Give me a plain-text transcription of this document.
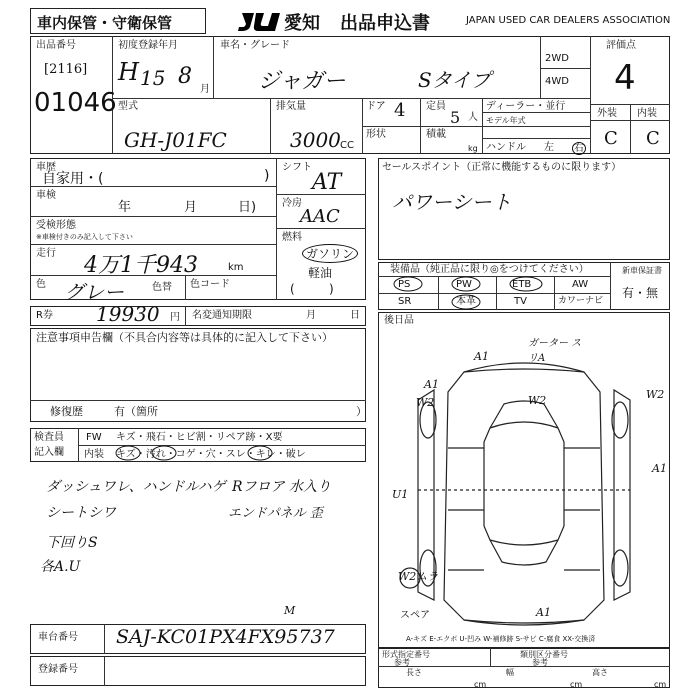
車内保管・守衛保管	愛知 出品申込書	JAPAN USED CAR DEALERS ASSOCIATION
出品番号
[2116]
01046
初度登録年月
H 15 8
月
車名・グレード
ジャガー	Sタイプ
2WD
4WD
評価点
4
外装 内装
C C
型式
GH-J01FC
排気量
3000 CC
ドア 4
形状
定員
5 人
積載
kg
ディーラー・並行
モデル年式
ハンドル 左 右
車歴
自家用・(	)
車検
年	月	日)
受検形態
※車検付きのみ記入して下さい
走行 4万1千943	km
色 グレー	色替 色コード
シフト
AT
冷房
AAC
燃料
ガソリン
軽油
(         )
セールスポイント（正常に機能するものに限ります）
パワーシート
装備品（純正品に限り◎をつけてください）
PS	PW	ETB	AW
SR	本革	TV	カワーナビ
新車保証書
有・無
R券 19930 円 名変通知期限	月	日
注意事項申告欄（不具合内容等は具体的に記入して下さい）
修復歴	有（箇所	）
検査員
記入欄
FW キズ・飛石・ヒビ割・リペア跡・X要
内装 キズ・汚れ・コゲ・穴・スレ・キレ・破レ
ダッシュワレ、ハンドルハゲ Rフロア 水入り
シートシワ	エンドパネル 歪
下回りS
各A.U
後日品
A1
ガーター スリA
A1
W2	W2	W2
A1
U1
W2ムラ
スペア	A1
M
A-キズ E-エクボ U-凹み W-補修跡 S-サビ C-腐食 XX-交換済
車台番号 SAJ-KC01PX4FX95737
登録番号
形式指定番号
参考
類別区分番号
参考
長さ	幅	高さ
cm	cm	cm
